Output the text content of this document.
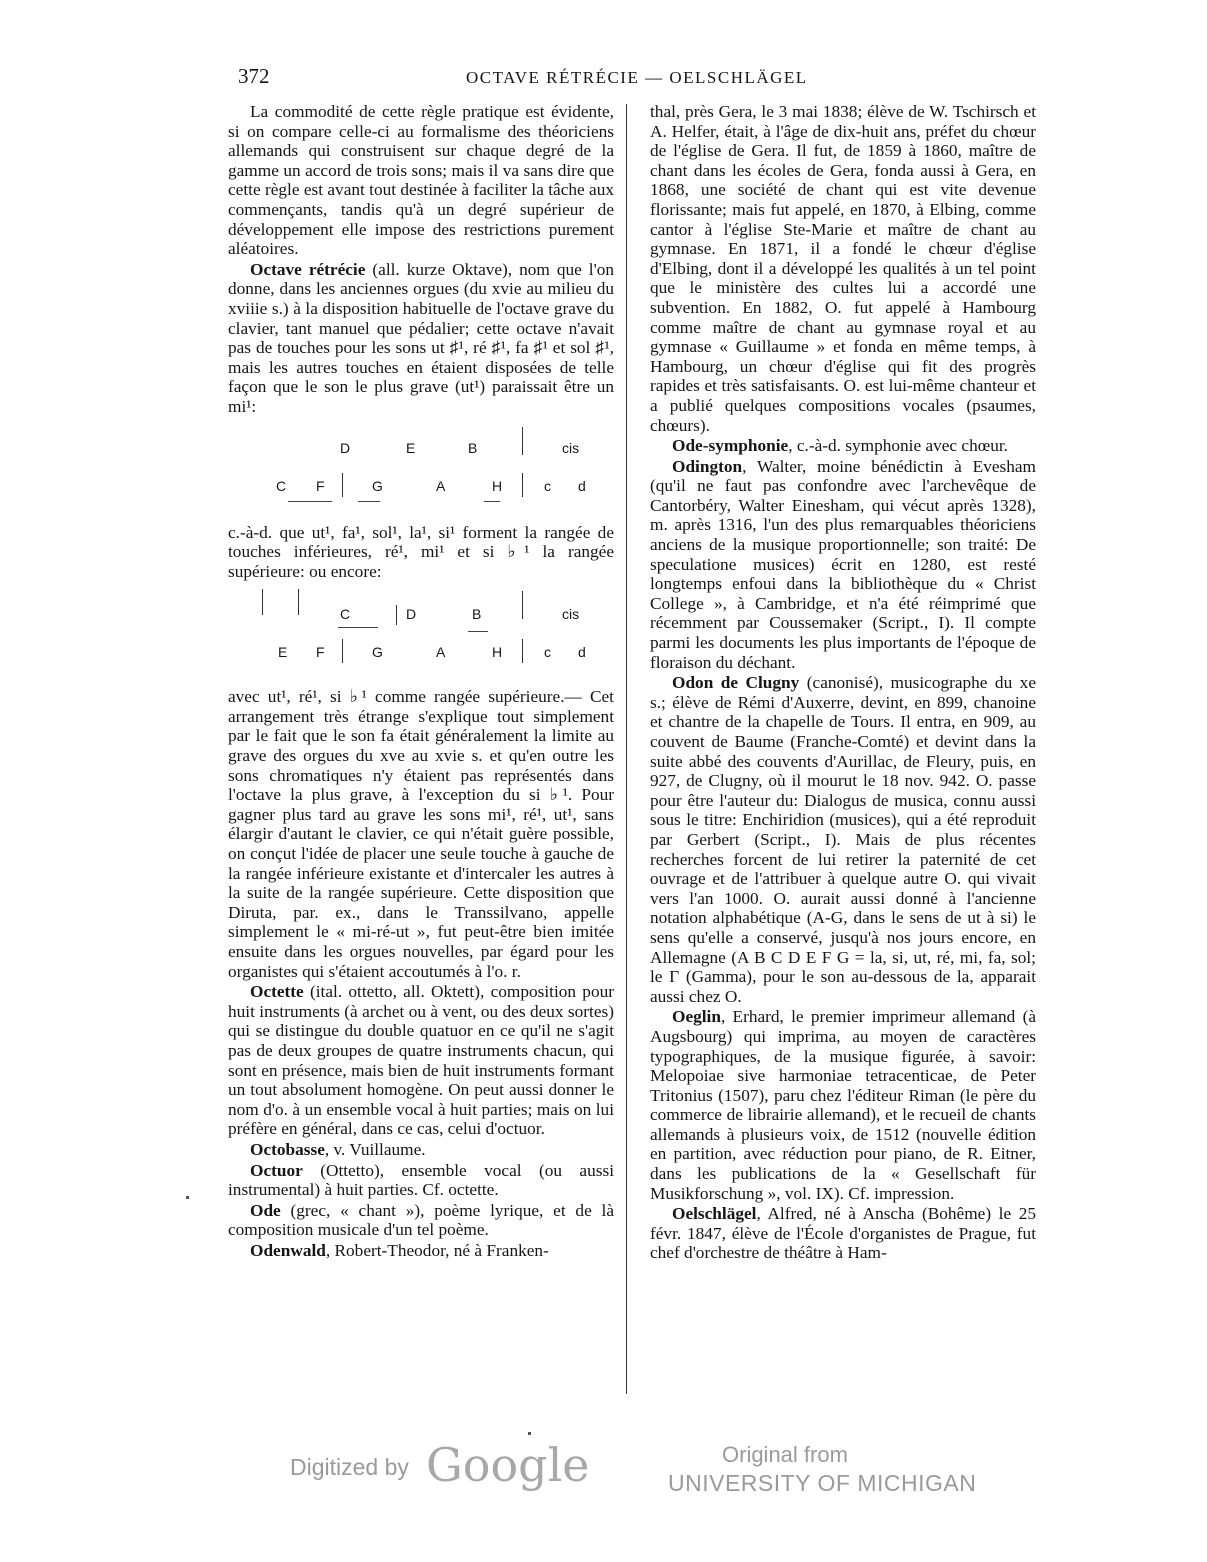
372	OCTAVE RÉTRÉCIE — OELSCHLÄGEL

La commodité de cette règle pratique est évidente, si on compare celle-ci au formalisme des théoriciens allemands qui construisent sur chaque degré de la gamme un accord de trois sons; mais il va sans dire que cette règle est avant tout destinée à faciliter la tâche aux commençants, tandis qu'à un degré supérieur de développement elle impose des restrictions purement aléatoires.

Octave rétrécie (all. kurze Oktave), nom que l'on donne, dans les anciennes orgues (du xvie au milieu du xviiie s.) à la disposition habituelle de l'octave grave du clavier, tant manuel que pédalier; cette octave n'avait pas de touches pour les sons ut ♯¹, ré ♯¹, fa ♯¹ et sol ♯¹, mais les autres touches en étaient disposées de telle façon que le son le plus grave (ut¹) paraissait être un mi¹:

D	E	B	cis
C F	G	A	H	c d

c.-à-d. que ut¹, fa¹, sol¹, la¹, si¹ forment la rangée de touches inférieures, ré¹, mi¹ et si ♭¹ la rangée supérieure: ou encore:

C	D	B	cis
E F	G	A	H	c d

avec ut¹, ré¹, si ♭¹ comme rangée supérieure.— Cet arrangement très étrange s'explique tout simplement par le fait que le son fa était généralement la limite au grave des orgues du xve au xvie s. et qu'en outre les sons chromatiques n'y étaient pas représentés dans l'octave la plus grave, à l'exception du si ♭¹. Pour gagner plus tard au grave les sons mi¹, ré¹, ut¹, sans élargir d'autant le clavier, ce qui n'était guère possible, on conçut l'idée de placer une seule touche à gauche de la rangée inférieure existante et d'intercaler les autres à la suite de la rangée supérieure. Cette disposition que Diruta, par. ex., dans le Transsilvano, appelle simplement le « mi-ré-ut », fut peut-être bien imitée ensuite dans les orgues nouvelles, par égard pour les organistes qui s'étaient accoutumés à l'o. r.

Octette (ital. ottetto, all. Oktett), composition pour huit instruments (à archet ou à vent, ou des deux sortes) qui se distingue du double quatuor en ce qu'il ne s'agit pas de deux groupes de quatre instruments chacun, qui sont en présence, mais bien de huit instruments formant un tout absolument homogène. On peut aussi donner le nom d'o. à un ensemble vocal à huit parties; mais on lui préfère en général, dans ce cas, celui d'octuor.

Octobasse, v. Vuillaume.

Octuor (Ottetto), ensemble vocal (ou aussi instrumental) à huit parties. Cf. octette.

Ode (grec, « chant »), poème lyrique, et de là composition musicale d'un tel poème.

Odenwald, Robert-Theodor, né à Franken-

thal, près Gera, le 3 mai 1838; élève de W. Tschirsch et A. Helfer, était, à l'âge de dix-huit ans, préfet du chœur de l'église de Gera. Il fut, de 1859 à 1860, maître de chant dans les écoles de Gera, fonda aussi à Gera, en 1868, une société de chant qui est vite devenue florissante; mais fut appelé, en 1870, à Elbing, comme cantor à l'église Ste-Marie et maître de chant au gymnase. En 1871, il a fondé le chœur d'église d'Elbing, dont il a développé les qualités à un tel point que le ministère des cultes lui a accordé une subvention. En 1882, O. fut appelé à Hambourg comme maître de chant au gymnase royal et au gymnase « Guillaume » et fonda en même temps, à Hambourg, un chœur d'église qui fit des progrès rapides et très satisfaisants. O. est lui-même chanteur et a publié quelques compositions vocales (psaumes, chœurs).

Ode-symphonie, c.-à-d. symphonie avec chœur.

Odington, Walter, moine bénédictin à Evesham (qu'il ne faut pas confondre avec l'archevêque de Cantorbéry, Walter Einesham, qui vécut après 1328), m. après 1316, l'un des plus remarquables théoriciens anciens de la musique proportionnelle; son traité: De speculatione musices) écrit en 1280, est resté longtemps enfoui dans la bibliothèque du « Christ College », à Cambridge, et n'a été réimprimé que récemment par Coussemaker (Script., I). Il compte parmi les documents les plus importants de l'époque de floraison du déchant.

Odon de Clugny (canonisé), musicographe du xe s.; élève de Rémi d'Auxerre, devint, en 899, chanoine et chantre de la chapelle de Tours. Il entra, en 909, au couvent de Baume (Franche-Comté) et devint dans la suite abbé des couvents d'Aurillac, de Fleury, puis, en 927, de Clugny, où il mourut le 18 nov. 942. O. passe pour être l'auteur du: Dialogus de musica, connu aussi sous le titre: Enchiridion (musices), qui a été reproduit par Gerbert (Script., I). Mais de plus récentes recherches forcent de lui retirer la paternité de cet ouvrage et de l'attribuer à quelque autre O. qui vivait vers l'an 1000. O. aurait aussi donné à l'ancienne notation alphabétique (A-G, dans le sens de ut à si) le sens qu'elle a conservé, jusqu'à nos jours encore, en Allemagne (A B C D E F G = la, si, ut, ré, mi, fa, sol; le Γ (Gamma), pour le son au-dessous de la, apparait aussi chez O.

Oeglin, Erhard, le premier imprimeur allemand (à Augsbourg) qui imprima, au moyen de caractères typographiques, de la musique figurée, à savoir: Melopoiae sive harmoniae tetracenticae, de Peter Tritonius (1507), paru chez l'éditeur Riman (le père du commerce de librairie allemand), et le recueil de chants allemands à plusieurs voix, de 1512 (nouvelle édition en partition, avec réduction pour piano, de R. Eitner, dans les publications de la « Gesellschaft für Musikforschung », vol. IX). Cf. impression.

Oelschlägel, Alfred, né à Anscha (Bohême) le 25 févr. 1847, élève de l'École d'organistes de Prague, fut chef d'orchestre de théâtre à Ham-

Digitized by Google	Original from
UNIVERSITY OF MICHIGAN
